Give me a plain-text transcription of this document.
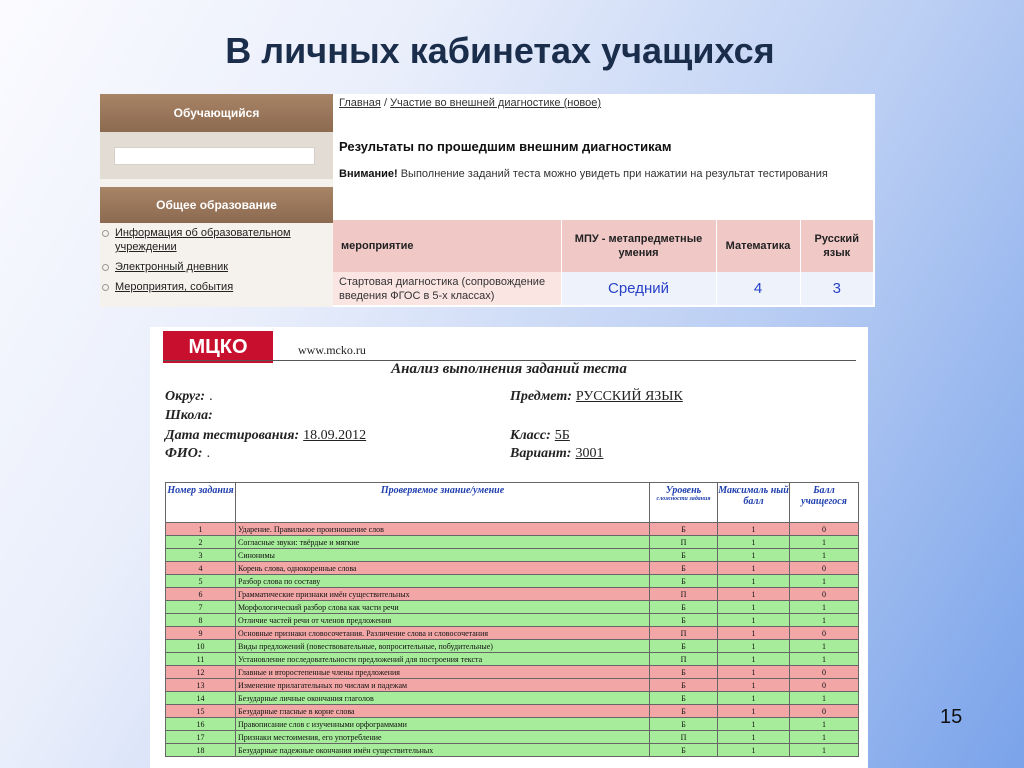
В личных кабинетах учащихся
Обучающийся
Общее образование
Информация об образовательном учреждении
Электронный дневник
Мероприятия, события
Главная / Участие во внешней диагностике (новое)
Результаты по прошедшим внешним диагностикам
Внимание! Выполнение заданий теста можно увидеть при нажатии на результат тестирования
мероприятие	МПУ - метапредметные умения	Математика	Русский язык
Стартовая диагностика (сопровождение введения ФГОС в 5-х классах)	Средний	4	3
МЦКО	www.mcko.ru
Анализ выполнения заданий теста
Округ: .
Школа:
Дата тестирования: 18.09.2012
ФИО: .
Предмет: РУССКИЙ ЯЗЫК
Класс: 5Б
Вариант: 3001
Номер задания	Проверяемое знание/умение	Уровень
сложности задания	Максималь ный балл	Балл учащегося
1	Ударение. Правильное произношение слов	Б	1	0
2	Согласные звуки: твёрдые и мягкие	П	1	1
3	Синонимы	Б	1	1
4	Корень слова, однокоренные слова	Б	1	0
5	Разбор слова по составу	Б	1	1
6	Грамматические признаки имён существительных	П	1	0
7	Морфологический разбор слова как части речи	Б	1	1
8	Отличие частей речи от членов предложения	Б	1	1
9	Основные признаки словосочетания. Различение слова и словосочетания	П	1	0
10	Виды предложений (повествовательные, вопросительные, побудительные)	Б	1	1
11	Установление последовательности предложений для построения текста	П	1	1
12	Главные и второстепенные члены предложения	Б	1	0
13	Изменение прилагательных по числам и падежам	Б	1	0
14	Безударные личные окончания глаголов	Б	1	1
15	Безударные гласные в корне слова	Б	1	0
16	Правописание слов с изученными орфограммами	Б	1	1
17	Признаки местоимения, его употребление	П	1	1
18	Безударные падежные окончания имён существительных	Б	1	1
15
